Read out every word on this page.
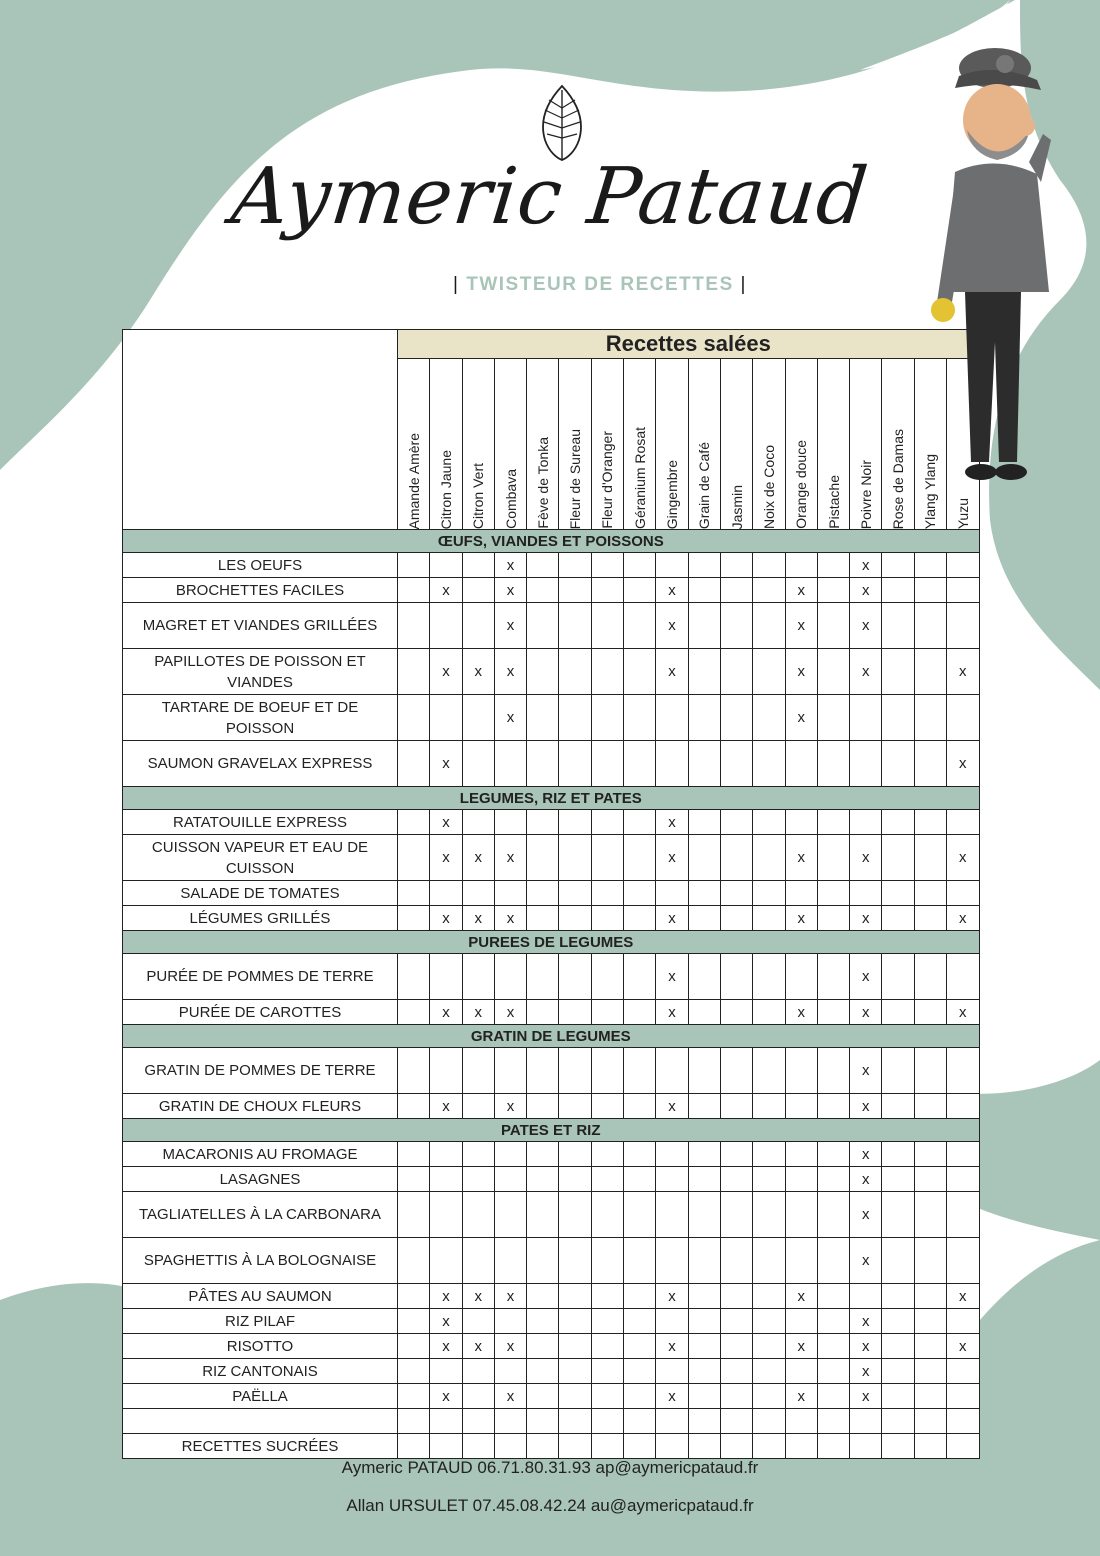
Aymeric Pataud
| TWISTEUR DE RECETTES |
	Recettes salées																	

	Amande Amère	Citron Jaune	Citron Vert	Combava	Fève de Tonka	Fleur de Sureau	Fleur d'Oranger	Géranium Rosat	Gingembre	Grain de Café	Jasmin	Noix de Coco	Orange douce	Pistache	Poivre Noir	Rose de Damas	Ylang Ylang	Yuzu

ŒUFS, VIANDES ET POISSONS																		
LES OEUFS				x											x			
BROCHETTES FACILES		x		x					x				x		x			
MAGRET ET VIANDES GRILLÉES				x					x				x		x			
PAPILLOTES DE POISSON ET VIANDES		x	x	x					x				x		x			x
TARTARE DE BOEUF ET DE POISSON				x									x					
SAUMON GRAVELAX EXPRESS		x																x
LEGUMES, RIZ ET PATES																		
RATATOUILLE EXPRESS		x							x									
CUISSON VAPEUR ET EAU DE CUISSON		x	x	x					x				x		x			x
SALADE DE TOMATES																		
LÉGUMES GRILLÉS		x	x	x					x				x		x			x
PUREES DE LEGUMES																		
PURÉE DE POMMES DE TERRE									x						x			
PURÉE DE CAROTTES		x	x	x					x				x		x			x
GRATIN DE LEGUMES																		
GRATIN DE POMMES DE TERRE															x			
GRATIN DE CHOUX FLEURS		x		x					x						x			
PATES ET RIZ																		
MACARONIS AU FROMAGE															x			
LASAGNES															x			
TAGLIATELLES À LA CARBONARA															x			
SPAGHETTIS À LA BOLOGNAISE															x			
PÂTES AU SAUMON		x	x	x					x				x					x
RIZ PILAF		x													x			
RISOTTO		x	x	x					x				x		x			x
RIZ CANTONAIS															x			
PAËLLA		x		x					x				x		x			

RECETTES SUCRÉES																		
Aymeric PATAUD 06.71.80.31.93 ap@aymericpataud.fr
Allan URSULET 07.45.08.42.24 au@aymericpataud.fr
